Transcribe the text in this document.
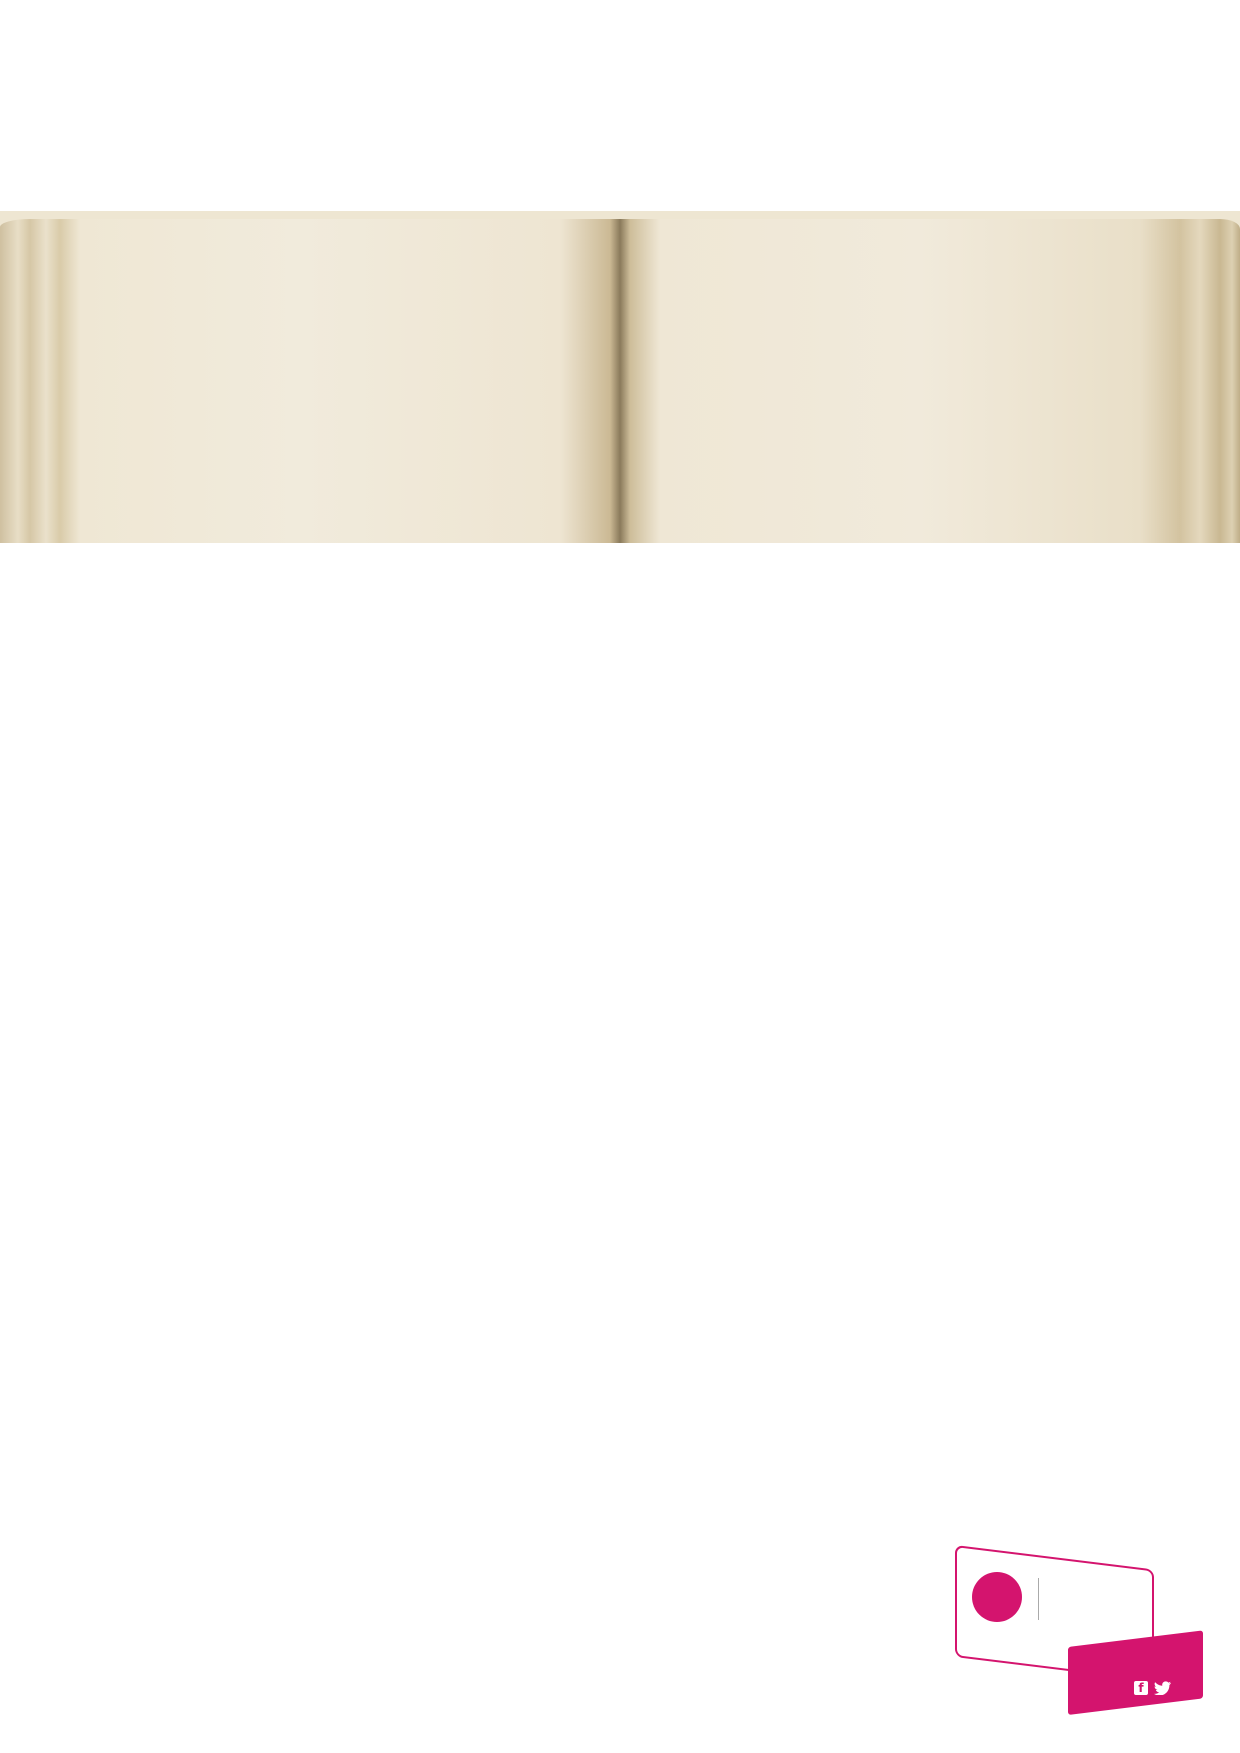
f
